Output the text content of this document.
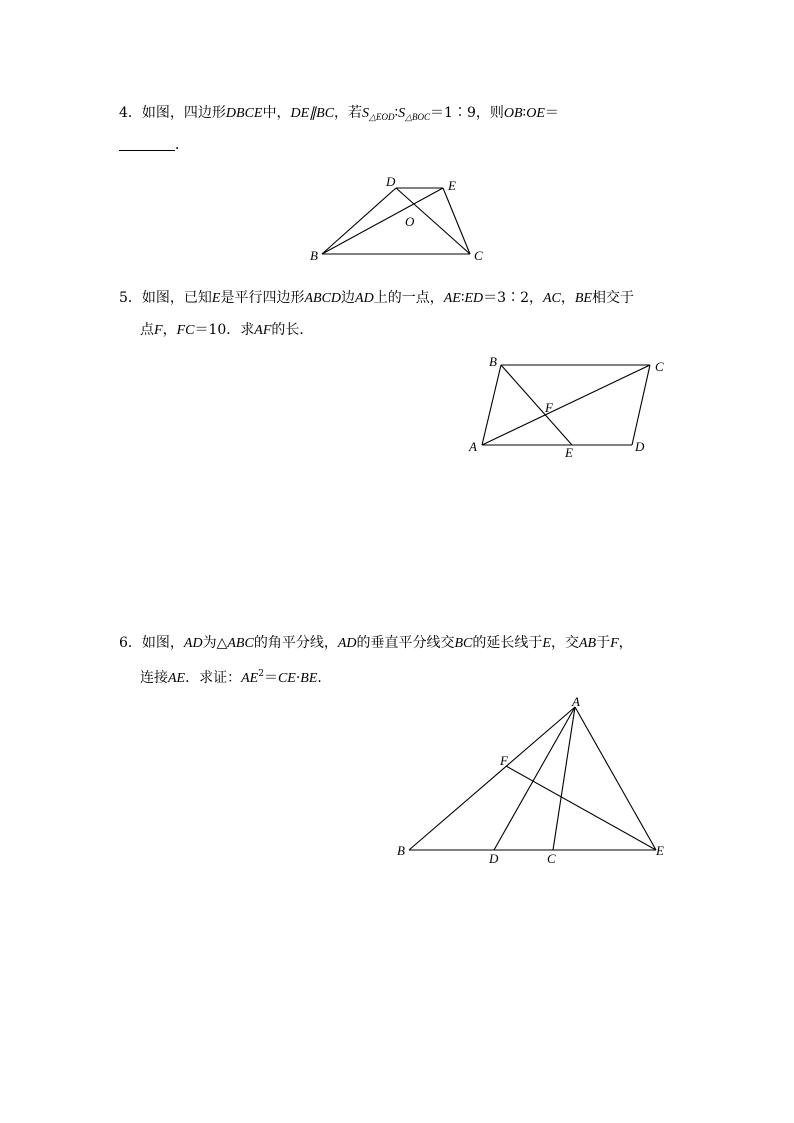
4．如图，四边形DBCE中，DE∥BC，若$S_{\triangle EOD}∶S_{\triangle BOC}=1∶9$，则OB∶OE＝
．
D	E
O
B	C
5．如图，已知E是平行四边形ABCD边AD上的一点，AE∶ED＝3∶2，AC，BE相交于
点F，FC＝10．求AF的长．
B	C
F
A	E	D
6．如图，AD为△ABC的角平分线，AD的垂直平分线交BC的延长线于E，交AB于F，
连接AE．求证：$AE^2=CE\cdot BE$．
A
F
B
D	C
E
